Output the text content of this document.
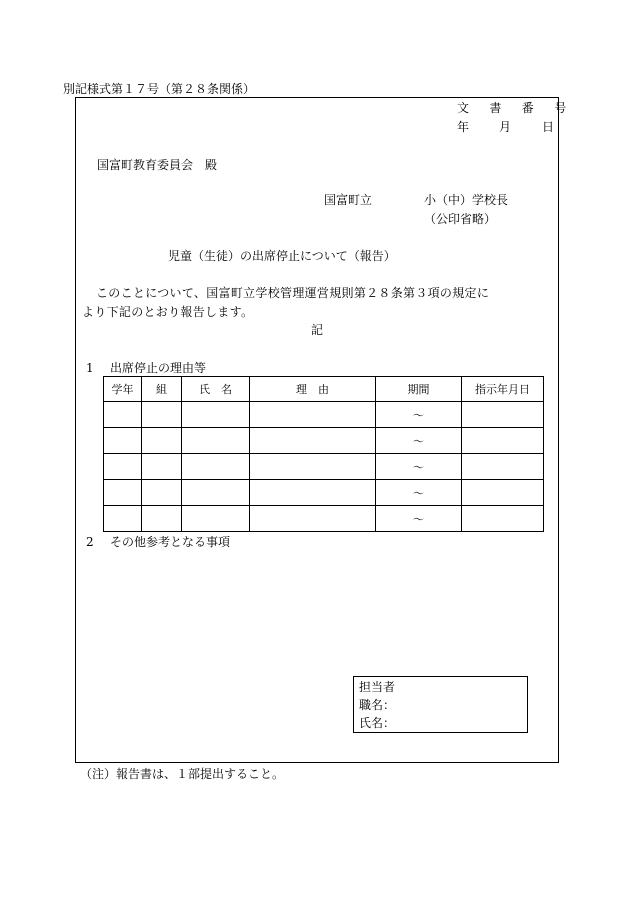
別記様式第１７号（第２８条関係）
文　書　番　号
年 月	日
国富町教育委員会　殿
国富町立	小（中）学校長
（公印省略）
児童（生徒）の出席停止について（報告）
このことについて、国富町立学校管理運営規則第２８条第３項の規定に
より下記のとおり報告します。
記
1 出席停止の理由等
学年	組	氏　名	理　由	期間	指示年月日
				～	
				～	
				～	
				～	
				～	
2 その他参考となる事項
担当者
職名：
氏名：
（注）報告書は、１部提出すること。
